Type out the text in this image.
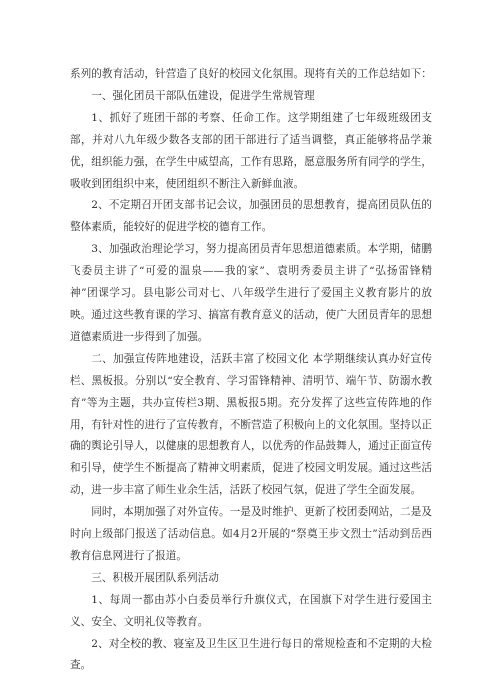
系列的教育活动，针营造了良好的校园文化氛围。现将有关的工作总结如下：

一、强化团员干部队伍建设，促进学生常规管理

1、抓好了班团干部的考察、任命工作。这学期组建了七年级班级团支部，并对八九年级少数各支部的团干部进行了适当调整，真正能够将品学兼优，组织能力强，在学生中威望高，工作有思路，愿意服务所有同学的学生，吸收到团组织中来，使团组织不断注入新鲜血液。

2、不定期召开团支部书记会议，加强团员的思想教育，提高团员队伍的整体素质，能较好的促进学校的德育工作。

3、加强政治理论学习，努力提高团员青年思想道德素质。本学期，储鹏飞委员主讲了“可爱的温泉——我的家”、袁明秀委员主讲了“弘扬雷锋精神”团课学习。县电影公司对七、八年级学生进行了爱国主义教育影片的放映。通过这些教育课的学习、搞富有教育意义的活动，使广大团员青年的思想道德素质进一步得到了加强。

二、加强宣传阵地建设，活跃丰富了校园文化 本学期继续认真办好宣传栏、黑板报。分别以“安全教育、学习雷锋精神、清明节、端午节、防溺水教育”等为主题，共办宣传栏3期、黑板报5期。充分发挥了这些宣传阵地的作用，有针对性的进行了宣传教育，不断营造了积极向上的文化氛围。坚持以正确的舆论引导人，以健康的思想教育人，以优秀的作品鼓舞人，通过正面宣传和引导，使学生不断提高了精神文明素质，促进了校园文明发展。通过这些活动，进一步丰富了师生业余生活，活跃了校园气氛，促进了学生全面发展。

同时，本期加强了对外宣传。一是及时维护、更新了校团委网站，二是及时向上级部门报送了活动信息。如4月2开展的“祭奠王步文烈士”活动到岳西教育信息网进行了报道。

三、积极开展团队系列活动

1、每周一都由苏小白委员举行升旗仪式，在国旗下对学生进行爱国主义、安全、文明礼仪等教育。

2、对全校的教、寝室及卫生区卫生进行每日的常规检查和不定期的大检查。
